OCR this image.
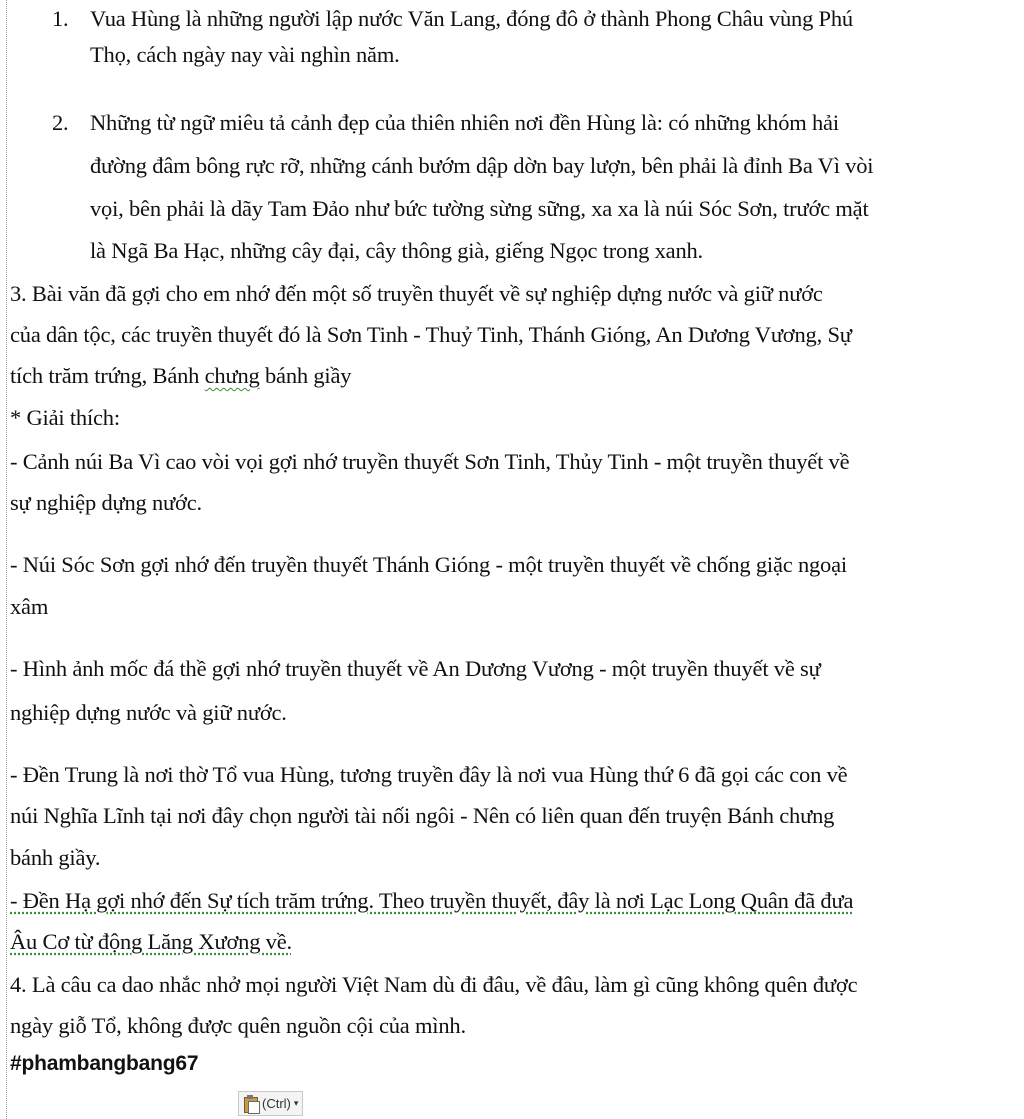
1. Vua Hùng là những người lập nước Văn Lang, đóng đô ở thành Phong Châu vùng Phú
Thọ, cách ngày nay vài nghìn năm.
2. Những từ ngữ miêu tả cảnh đẹp của thiên nhiên nơi đền Hùng là: có những khóm hải
đường đâm bông rực rỡ, những cánh bướm dập dờn bay lượn, bên phải là đỉnh Ba Vì vòi
vọi, bên phải là dãy Tam Đảo như bức tường sừng sững, xa xa là núi Sóc Sơn, trước mặt
là Ngã Ba Hạc, những cây đại, cây thông già, giếng Ngọc trong xanh.
3. Bài văn đã gợi cho em nhớ đến một số truyền thuyết về sự nghiệp dựng nước và giữ nước
của dân tộc, các truyền thuyết đó là Sơn Tinh - Thuỷ Tinh, Thánh Gióng, An Dương Vương, Sự
tích trăm trứng, Bánh chưng bánh giầy
* Giải thích:
- Cảnh núi Ba Vì cao vòi vọi gợi nhớ truyền thuyết Sơn Tinh, Thủy Tinh - một truyền thuyết về
sự nghiệp dựng nước.
- Núi Sóc Sơn gợi nhớ đến truyền thuyết Thánh Gióng - một truyền thuyết về chống giặc ngoại
xâm
- Hình ảnh mốc đá thề gợi nhớ truyền thuyết về An Dương Vương - một truyền thuyết về sự
nghiệp dựng nước và giữ nước.
- Đền Trung là nơi thờ Tổ vua Hùng, tương truyền đây là nơi vua Hùng thứ 6 đã gọi các con về
núi Nghĩa Lĩnh tại nơi đây chọn người tài nối ngôi - Nên có liên quan đến truyện Bánh chưng
bánh giầy.
- Đền Hạ gợi nhớ đến Sự tích trăm trứng. Theo truyền thuyết, đây là nơi Lạc Long Quân đã đưa
Âu Cơ từ động Lăng Xương về.
4. Là câu ca dao nhắc nhở mọi người Việt Nam dù đi đâu, về đâu, làm gì cũng không quên được
ngày giỗ Tổ, không được quên nguồn cội của mình.
#phambangbang67
(Ctrl) ▾
